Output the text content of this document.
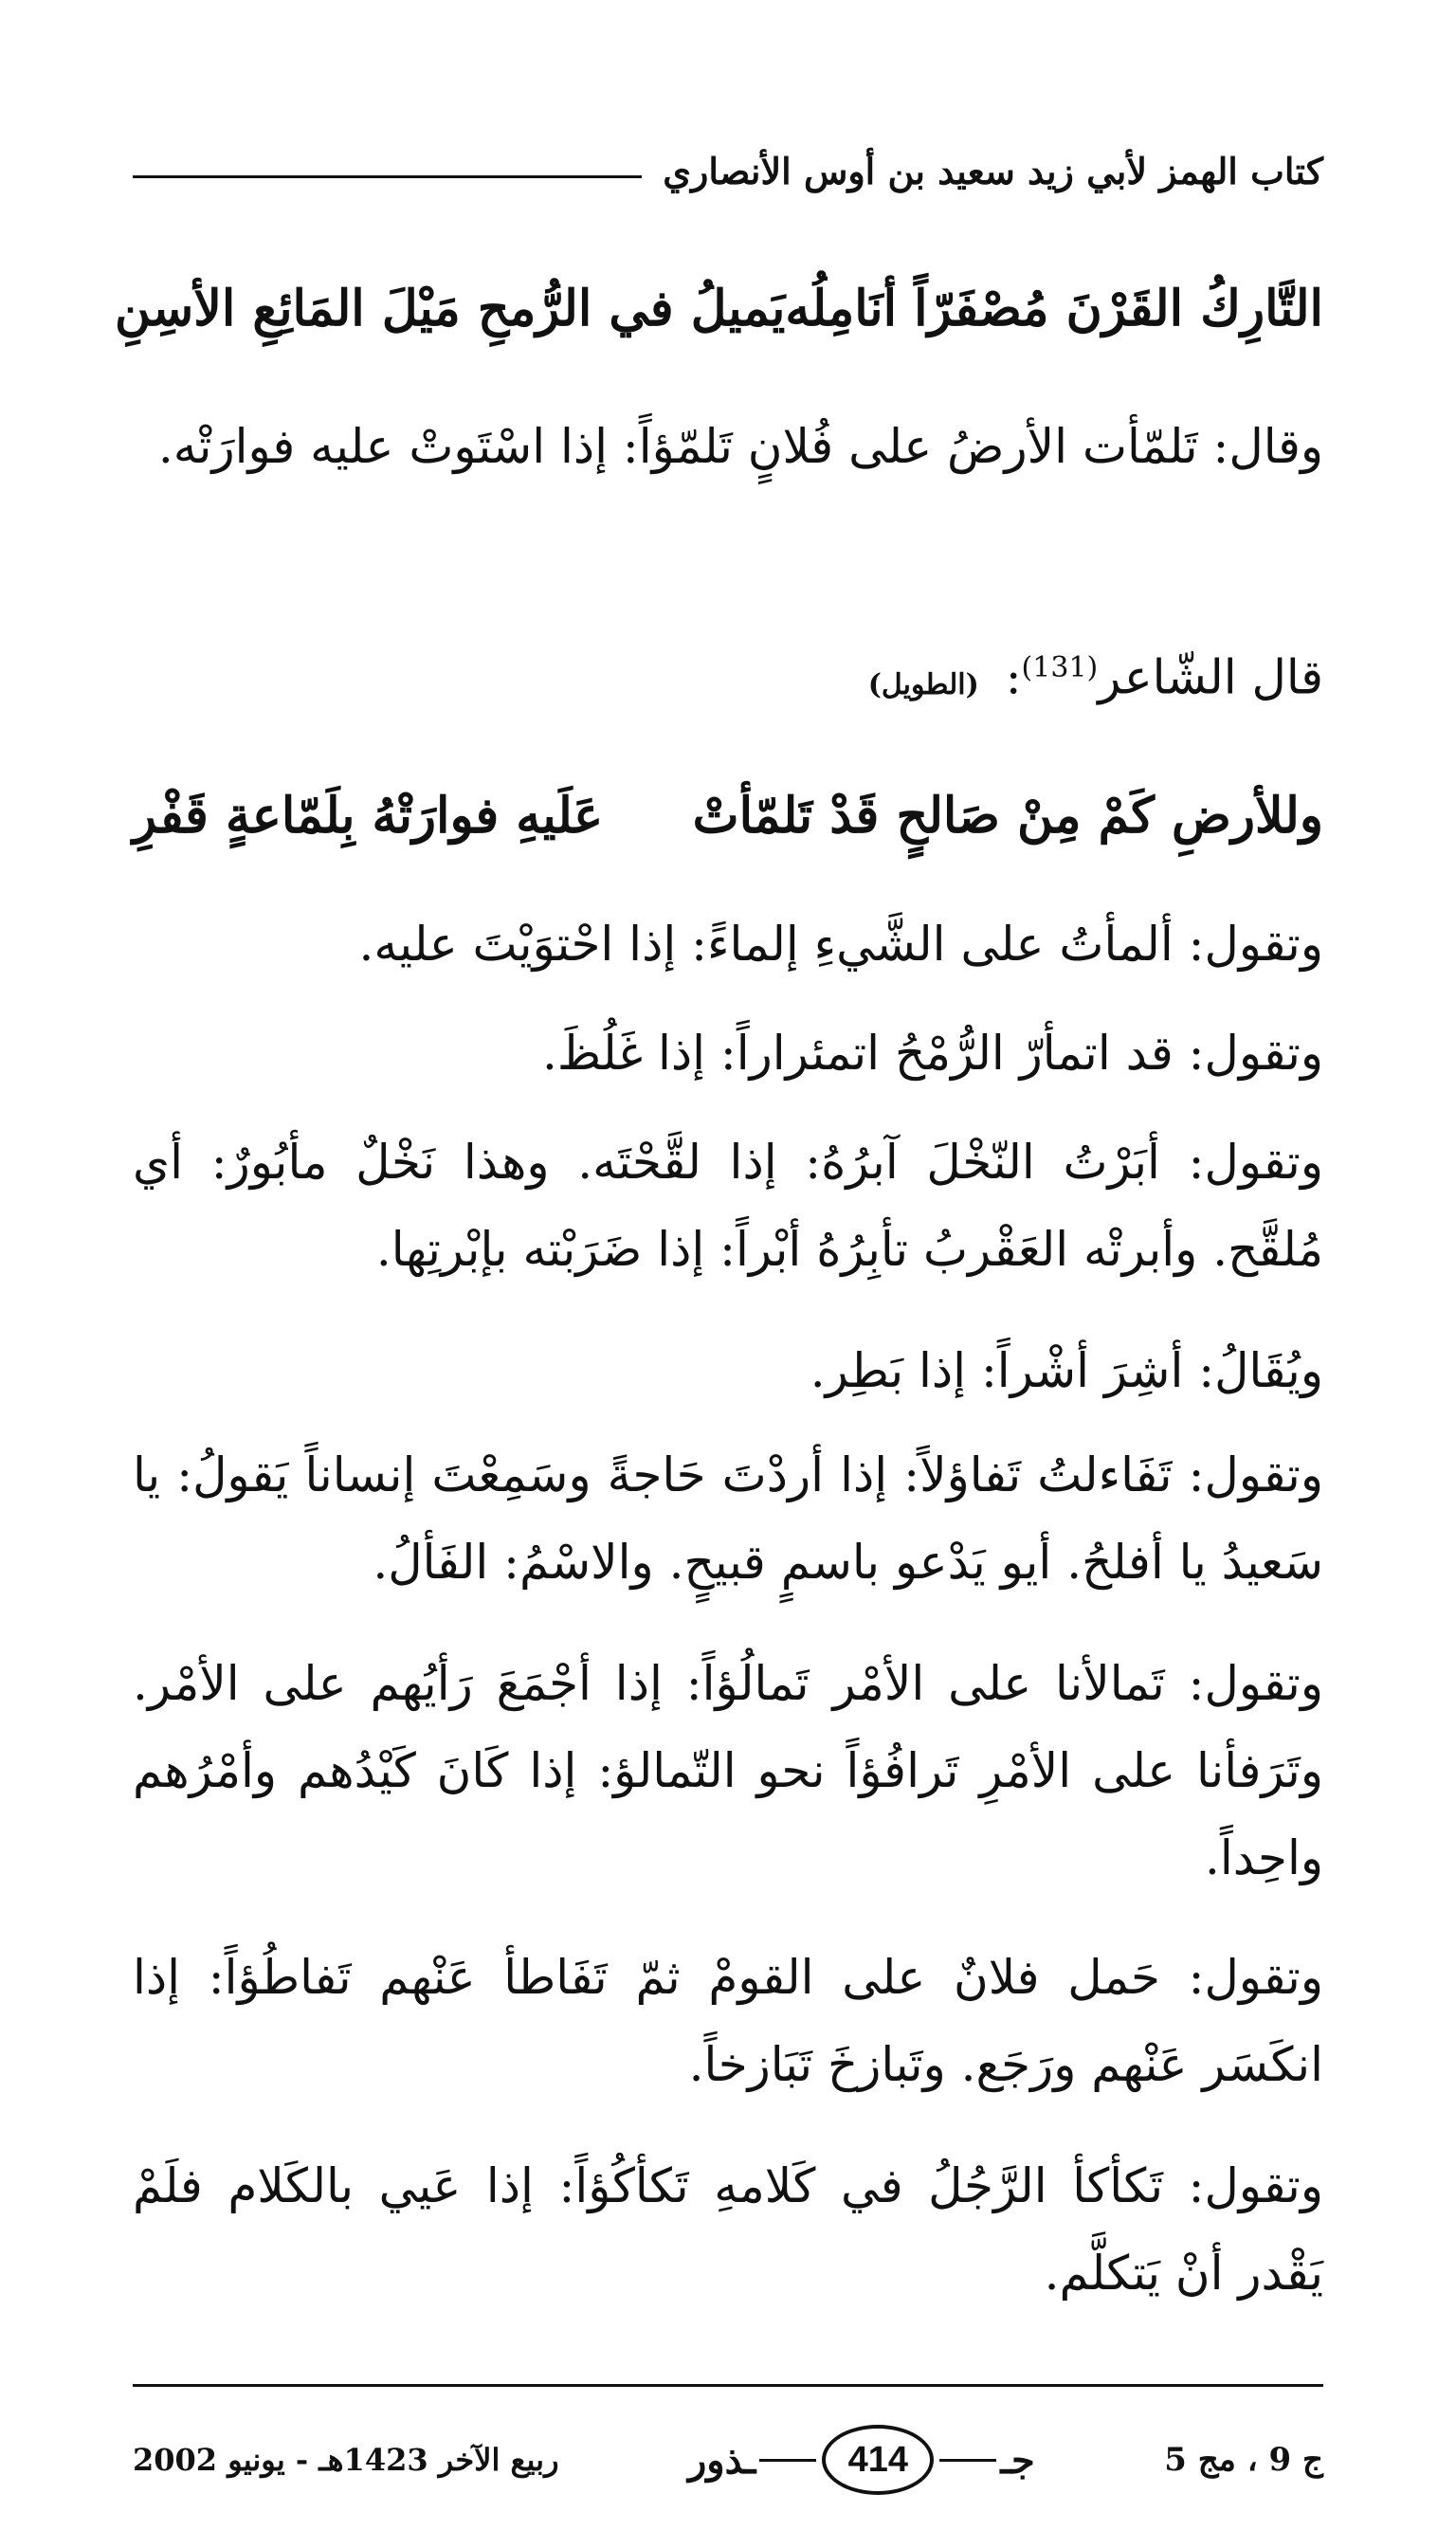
كتاب الهمز لأبي زيد سعيد بن أوس الأنصاري
التَّارِكُ القَرْنَ مُصْفَرّاً أنَامِلُه
يَميلُ في الرُّمحِ مَيْلَ المَائِعِ الأسِنِ
وقال: تَلمّأت الأرضُ على فُلانٍ تَلمّؤاً: إذا اسْتَوتْ عليه فوارَتْه.
قال الشّاعر$^{(131)}$: (الطويل)
وللأرضِ كَمْ مِنْ صَالحٍ قَدْ تَلمّأتْ
عَلَيهِ فوارَتْهُ بِلَمّاعةٍ قَفْرِ
وتقول: ألمأتُ على الشَّيءِ إلماءً: إذا احْتوَيْتَ عليه.
وتقول: قد اتمأرّ الرُّمْحُ اتمئراراً: إذا غَلُظَ.
وتقول: أبَرْتُ النّخْلَ آبرُهُ: إذا لقَّحْتَه. وهذا نَخْلٌ مأبُورٌ: أي مُلقَّح. وأبرتْه العَقْربُ تأبِرُهُ أبْراً: إذا ضَرَبْته بإبْرتِها.
ويُقَالُ: أشِرَ أشْراً: إذا بَطِر.
وتقول: تَفَاءلتُ تَفاؤلاً: إذا أردْتَ حَاجةً وسَمِعْتَ إنساناً يَقولُ: يا سَعيدُ يا أفلحُ. أيو يَدْعو باسمٍ قبيحٍ. والاسْمُ: الفَألُ.
وتقول: تَمالأنا على الأمْر تَمالُؤاً: إذا أجْمَعَ رَأيُهم على الأمْر. وتَرَفأنا على الأمْرِ تَرافُؤاً نحو التّمالؤ: إذا كَانَ كَيْدُهم وأمْرُهم واحِداً.
وتقول: حَمل فلانٌ على القومْ ثمّ تَفَاطأ عَنْهم تَفاطُؤاً: إذا انكَسَر عَنْهم ورَجَع. وتَبازخَ تَبَازخاً.
وتقول: تَكأكأ الرَّجُلُ في كَلامهِ تَكأكُؤاً: إذا عَيي بالكَلام فلَمْ يَقْدر أنْ يَتكلَّم.
ج 9 ، مج 5
جـ
414
ـذور
ربيع الآخر 1423هـ - يونيو 2002
